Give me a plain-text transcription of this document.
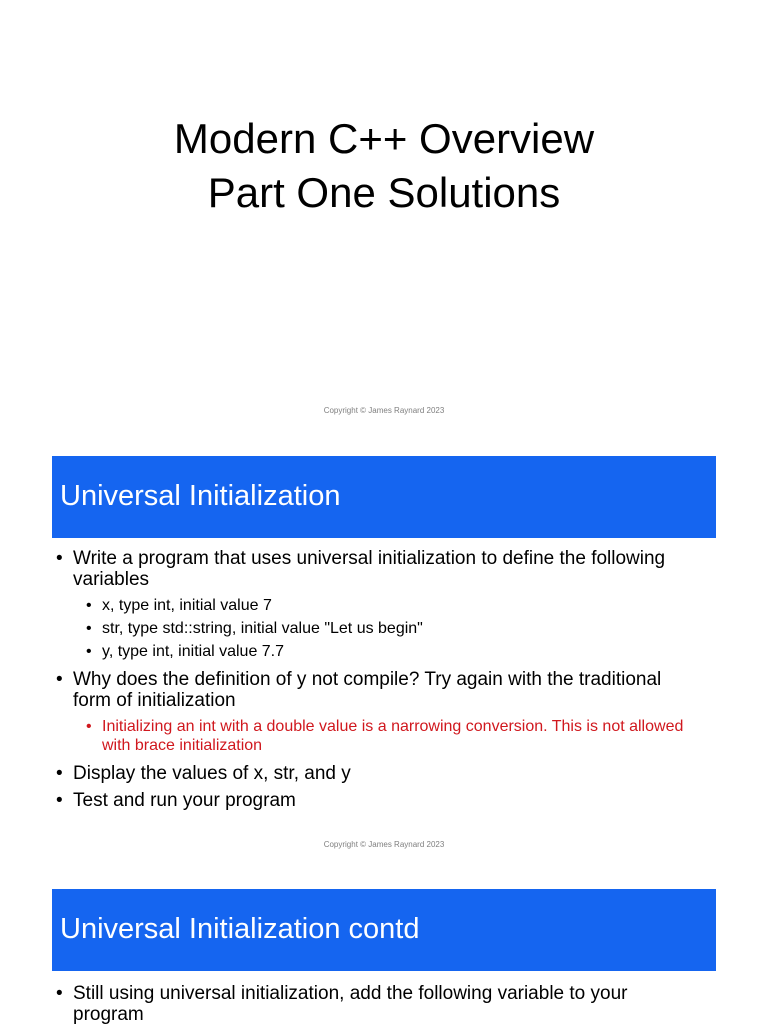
Modern C++ Overview
Part One Solutions
Copyright © James Raynard 2023
Universal Initialization
• Write a program that uses universal initialization to define the following variables
• x, type int, initial value 7
• str, type std::string, initial value "Let us begin"
• y, type int, initial value 7.7
• Why does the definition of y not compile? Try again with the traditional form of initialization
• Initializing an int with a double value is a narrowing conversion. This is not allowed with brace initialization
• Display the values of x, str, and y
• Test and run your program
Copyright © James Raynard 2023
Universal Initialization contd
• Still using universal initialization, add the following variable to your program
